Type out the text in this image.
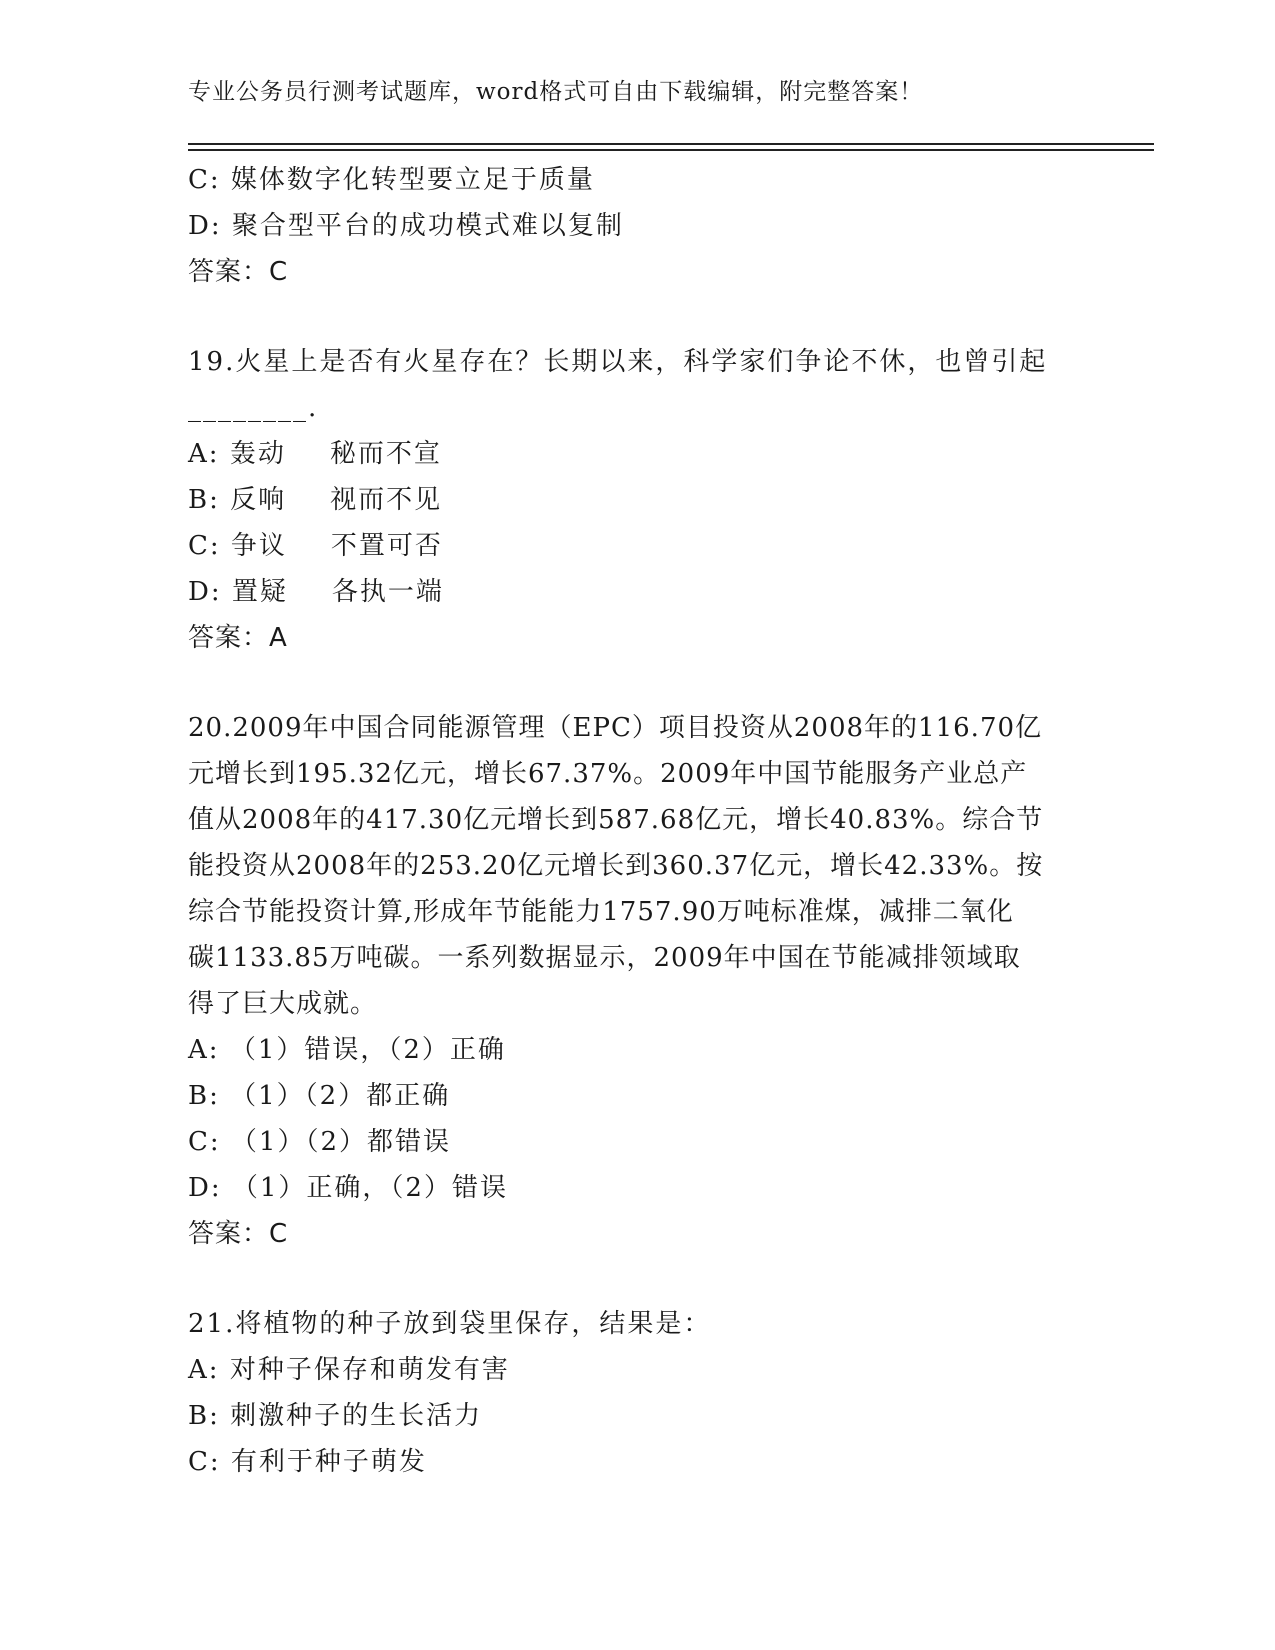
专业公务员行测考试题库，word格式可自由下载编辑，附完整答案！
C: 媒体数字化转型要立足于质量
D: 聚合型平台的成功模式难以复制
答案：C
19.火星上是否有火星存在？长期以来，科学家们争论不休，也曾引起
________.
A: 轰动 秘而不宣
B: 反响 视而不见
C: 争议 不置可否
D: 置疑 各执一端
答案：A
20.2009年中国合同能源管理（EPC）项目投资从2008年的116.70亿
元增长到195.32亿元，增长67.37%。2009年中国节能服务产业总产
值从2008年的417.30亿元增长到587.68亿元，增长40.83%。综合节
能投资从2008年的253.20亿元增长到360.37亿元，增长42.33%。按
综合节能投资计算,形成年节能能力1757.90万吨标准煤，减排二氧化
碳1133.85万吨碳。一系列数据显示，2009年中国在节能减排领域取
得了巨大成就。
A: （1）错误，（2）正确
B: （1）（2）都正确
C: （1）（2）都错误
D: （1）正确，（2）错误
答案：C
21.将植物的种子放到袋里保存，结果是：
A: 对种子保存和萌发有害
B: 刺激种子的生长活力
C: 有利于种子萌发
